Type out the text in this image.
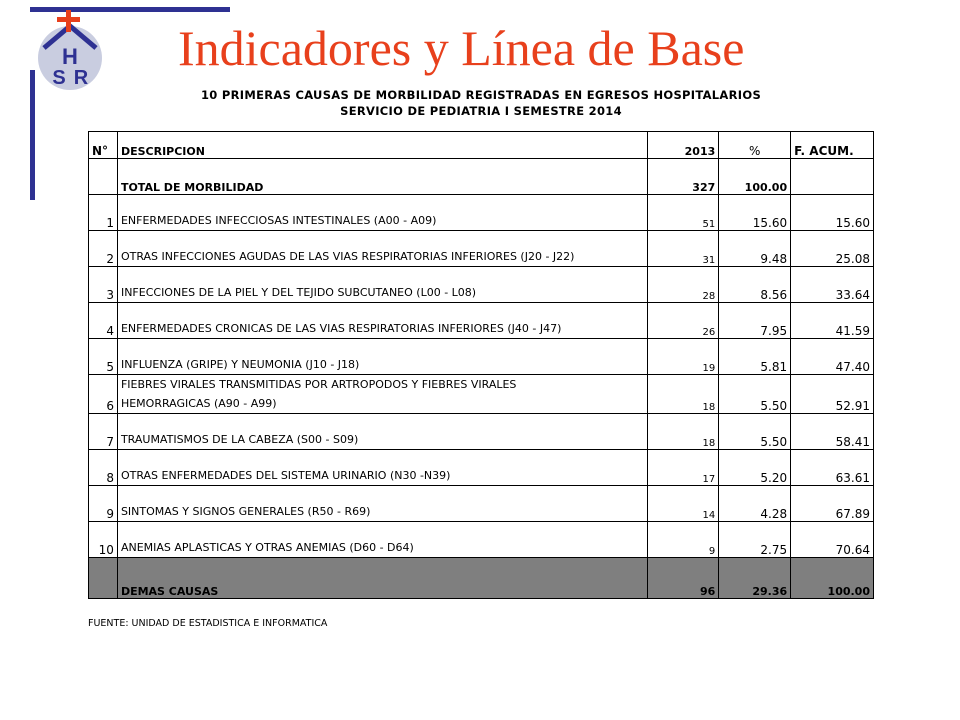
H
S R
Indicadores y Línea de Base
10 PRIMERAS CAUSAS DE MORBILIDAD REGISTRADAS EN EGRESOS HOSPITALARIOS
SERVICIO DE PEDIATRIA I SEMESTRE 2014
N°	DESCRIPCION	2013	%	F. ACUM.
	TOTAL DE MORBILIDAD	327	100.00	
1	ENFERMEDADES INFECCIOSAS INTESTINALES (A00 - A09)	51	15.60	15.60
2	OTRAS INFECCIONES AGUDAS DE LAS VIAS RESPIRATORIAS INFERIORES (J20 - J22)	31	9.48	25.08
3	INFECCIONES DE LA PIEL Y DEL TEJIDO SUBCUTANEO (L00 - L08)	28	8.56	33.64
4	ENFERMEDADES CRONICAS DE LAS VIAS RESPIRATORIAS INFERIORES (J40 - J47)	26	7.95	41.59
5	INFLUENZA (GRIPE) Y NEUMONIA (J10 - J18)	19	5.81	47.40
6	FIEBRES VIRALES TRANSMITIDAS POR ARTROPODOS Y FIEBRES VIRALES
HEMORRAGICAS (A90 - A99)	18	5.50	52.91
7	TRAUMATISMOS DE LA CABEZA (S00 - S09)	18	5.50	58.41
8	OTRAS ENFERMEDADES DEL SISTEMA URINARIO (N30 -N39)	17	5.20	63.61
9	SINTOMAS Y SIGNOS GENERALES (R50 - R69)	14	4.28	67.89
10	ANEMIAS APLASTICAS Y OTRAS ANEMIAS (D60 - D64)	9	2.75	70.64
	DEMAS CAUSAS	96	29.36	100.00
FUENTE: UNIDAD DE ESTADISTICA E INFORMATICA
